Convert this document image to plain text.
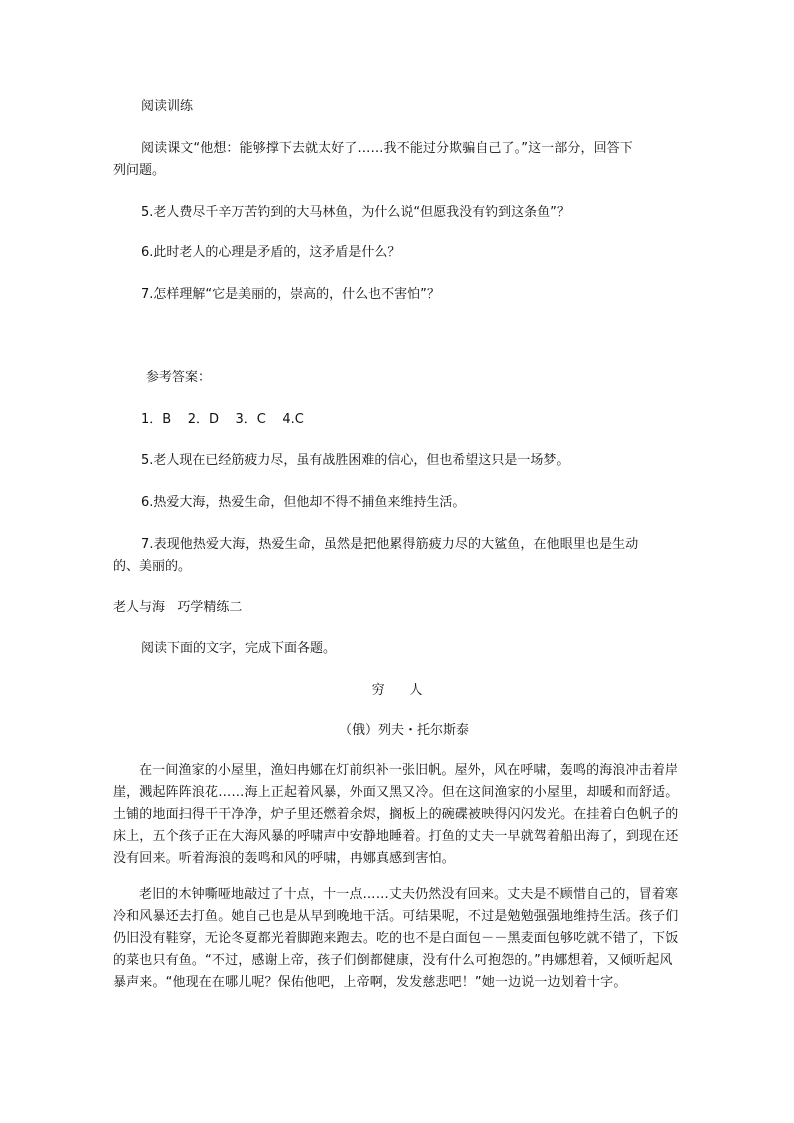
阅读训练
阅读课文“他想：能够撑下去就太好了……我不能过分欺骗自己了。”这一部分，回答下
列问题。
5.老人费尽千辛万苦钓到的大马林鱼，为什么说“但愿我没有钓到这条鱼”？
6.此时老人的心理是矛盾的，这矛盾是什么？
7.怎样理解“它是美丽的，崇高的，什么也不害怕”？
参考答案：
1．B    2．D    3．C    4.C
5.老人现在已经筋疲力尽，虽有战胜困难的信心，但也希望这只是一场梦。
6.热爱大海，热爱生命，但他却不得不捕鱼来维持生活。
7.表现他热爱大海，热爱生命，虽然是把他累得筋疲力尽的大鲨鱼，在他眼里也是生动
的、美丽的。
老人与海   巧学精练二
阅读下面的文字，完成下面各题。
穷      人
（俄）列夫・托尔斯泰
在一间渔家的小屋里，渔妇冉娜在灯前织补一张旧帆。屋外，风在呼啸，轰鸣的海浪冲击着岸崖，溅起阵阵浪花……海上正起着风暴，外面又黑又冷。但在这间渔家的小屋里，却暖和而舒适。土铺的地面扫得干干净净，炉子里还燃着余烬，搁板上的碗碟被映得闪闪发光。在挂着白色帆子的床上，五个孩子正在大海风暴的呼啸声中安静地睡着。打鱼的丈夫一早就驾着船出海了，到现在还没有回来。听着海浪的轰鸣和风的呼啸，冉娜真感到害怕。
老旧的木钟嘶哑地敲过了十点，十一点……丈夫仍然没有回来。丈夫是不顾惜自己的，冒着寒冷和风暴还去打鱼。她自己也是从早到晚地干活。可结果呢，不过是勉勉强强地维持生活。孩子们仍旧没有鞋穿，无论冬夏都光着脚跑来跑去。吃的也不是白面包－－黑麦面包够吃就不错了，下饭的菜也只有鱼。“不过，感谢上帝，孩子们倒都健康，没有什么可抱怨的。”冉娜想着，又倾听起风暴声来。“他现在在哪儿呢？保佑他吧，上帝啊，发发慈悲吧！”她一边说一边划着十字。
